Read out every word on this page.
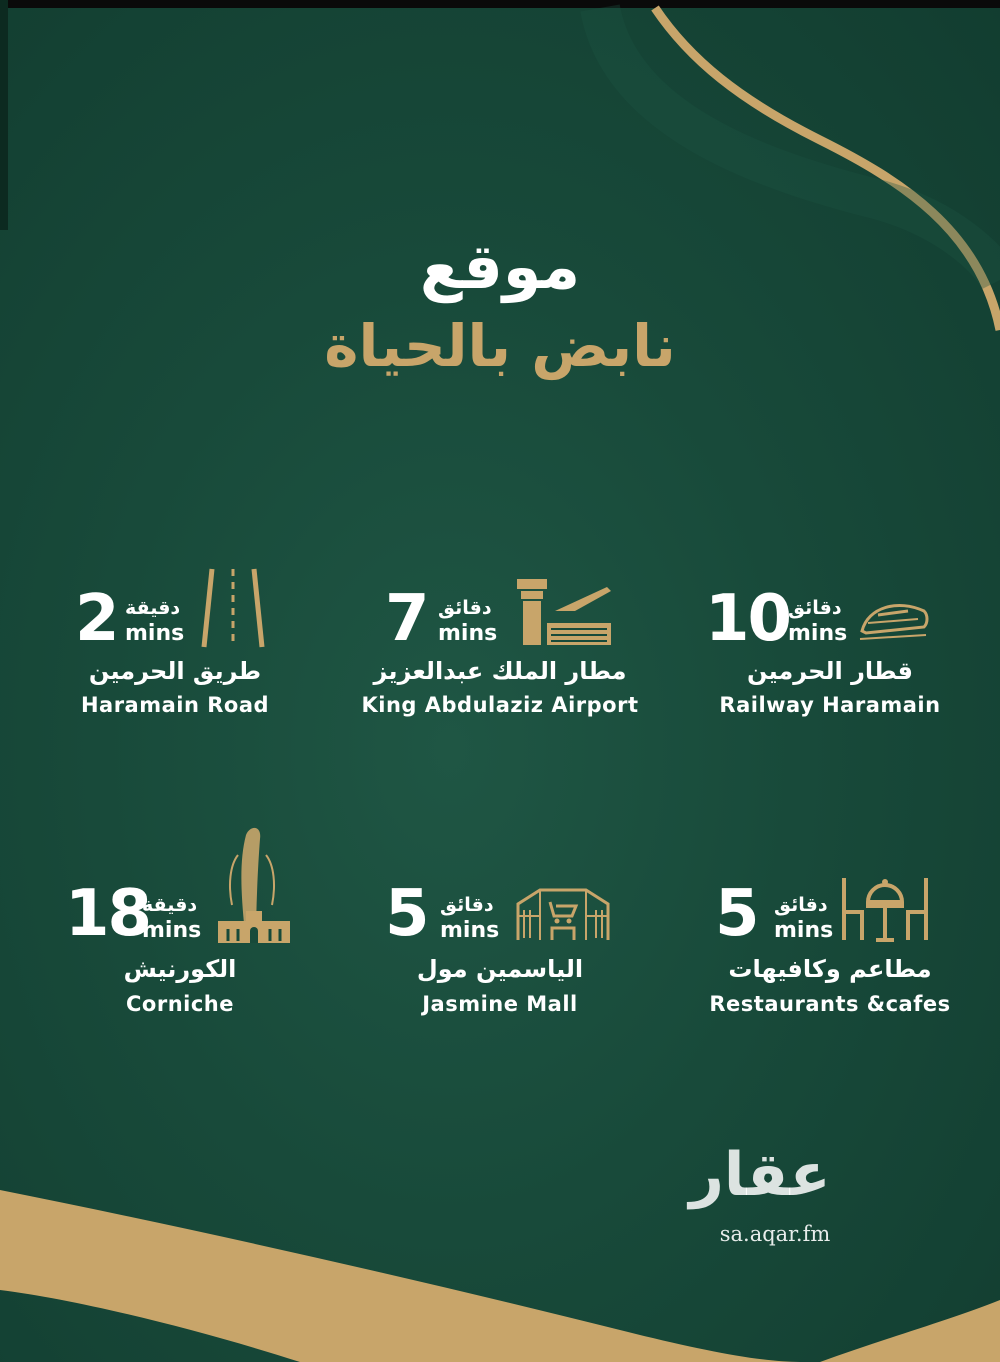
موقع
نابض بالحياة
10
دقائق
mins
قطار الحرمين
Railway Haramain
7 دقائق
mins
مطار الملك عبدالعزيز
King Abdulaziz Airport
2 دقيقة
mins
طريق الحرمين
Haramain Road
5 دقائق
mins
مطاعم وكافيهات
Restaurants &cafes
5 دقائق
mins
الياسمين مول
Jasmine Mall
18
دقيقة
mins
الكورنيش
Corniche
عقار
sa.aqar.fm
